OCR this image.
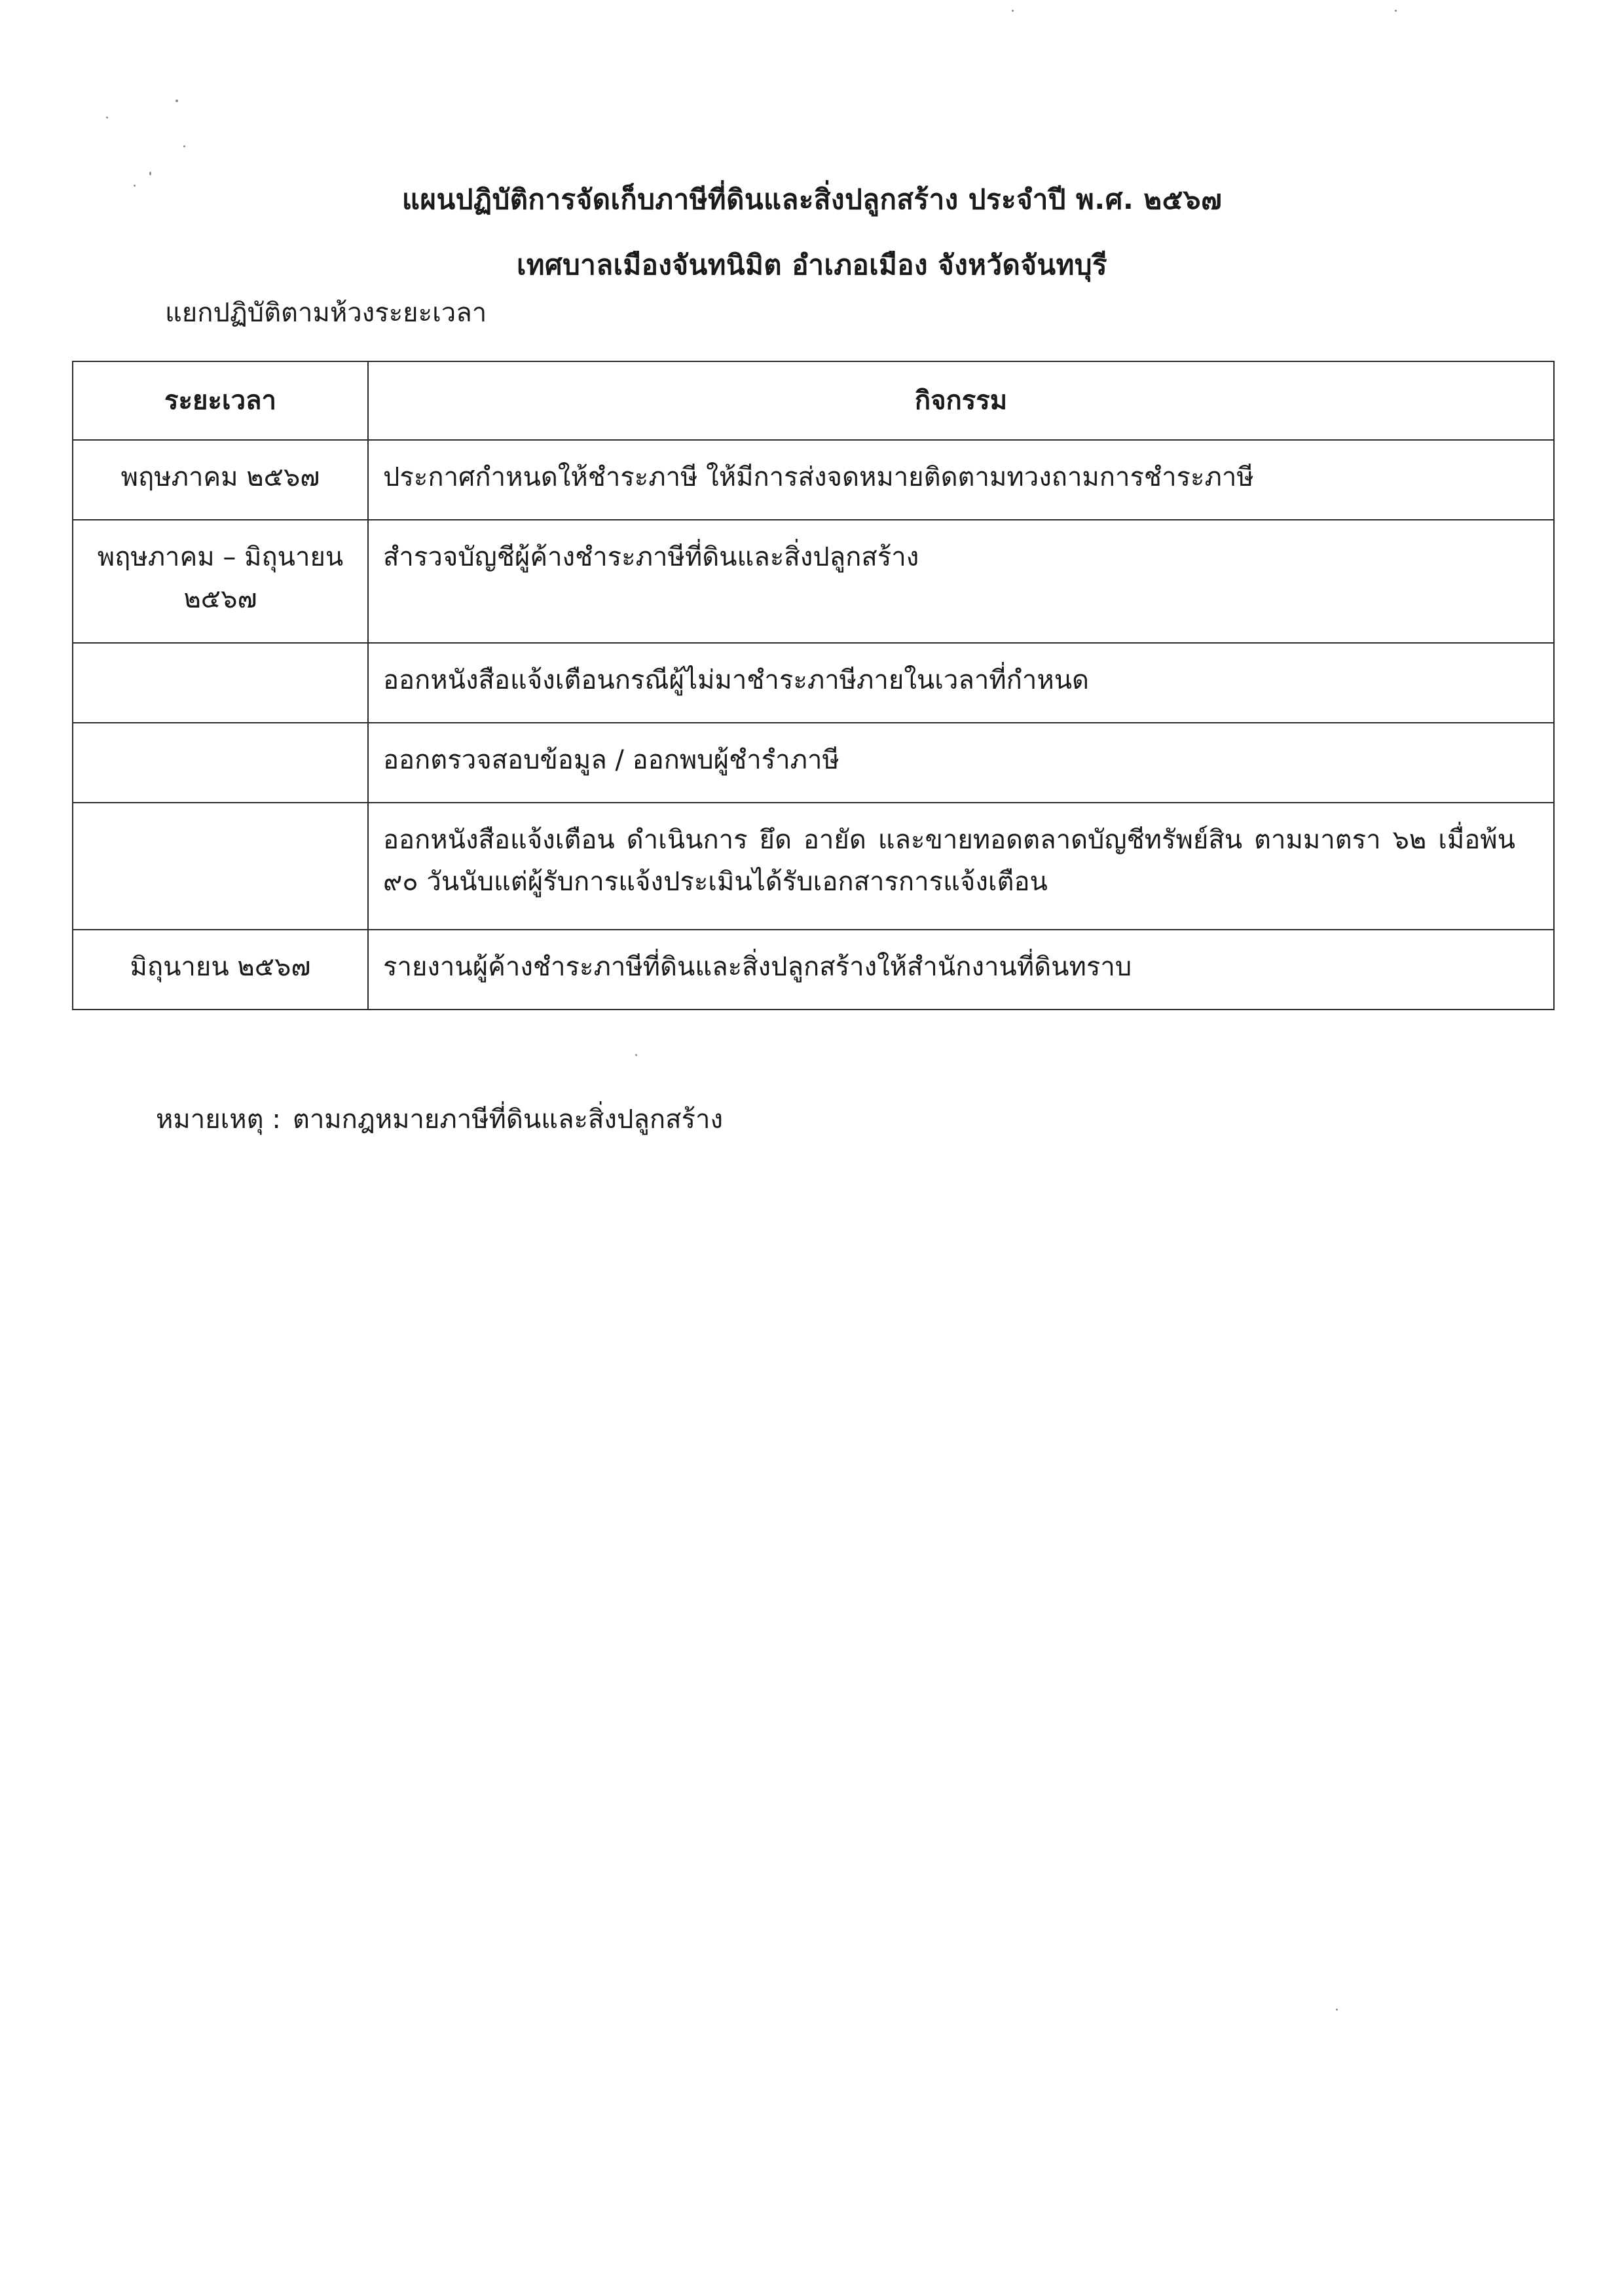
แผนปฏิบัติการจัดเก็บภาษีที่ดินและสิ่งปลูกสร้าง ประจำปี พ.ศ. ๒๕๖๗
เทศบาลเมืองจันทนิมิต อำเภอเมือง จังหวัดจันทบุรี
แยกปฏิบัติตามห้วงระยะเวลา
ระยะเวลา	กิจกรรม
พฤษภาคม ๒๕๖๗	ประกาศกำหนดให้ชำระภาษี ให้มีการส่งจดหมายติดตามทวงถามการชำระภาษี
พฤษภาคม – มิถุนายน ๒๕๖๗	สำรวจบัญชีผู้ค้างชำระภาษีที่ดินและสิ่งปลูกสร้าง
	ออกหนังสือแจ้งเตือนกรณีผู้ไม่มาชำระภาษีภายในเวลาที่กำหนด
	ออกตรวจสอบข้อมูล / ออกพบผู้ชำรำภาษี
	ออกหนังสือแจ้งเตือน ดำเนินการ ยึด อายัด และขายทอดตลาดบัญชีทรัพย์สิน ตามมาตรา ๖๒ เมื่อพ้น ๙๐ วันนับแต่ผู้รับการแจ้งประเมินได้รับเอกสารการแจ้งเตือน
มิถุนายน ๒๕๖๗	รายงานผู้ค้างชำระภาษีที่ดินและสิ่งปลูกสร้างให้สำนักงานที่ดินทราบ
หมายเหตุ : ตามกฎหมายภาษีที่ดินและสิ่งปลูกสร้าง
